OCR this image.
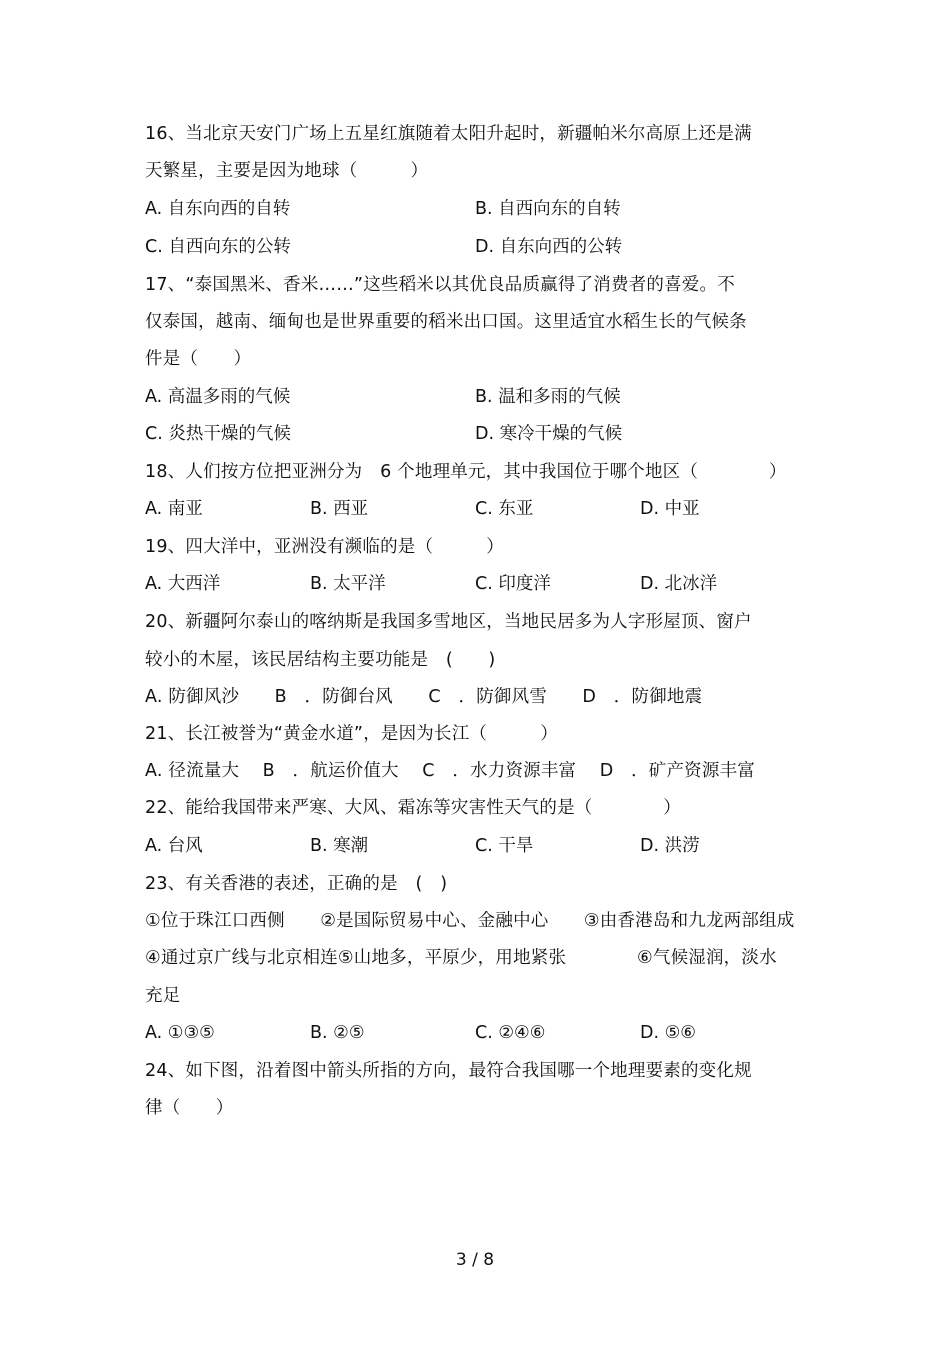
16、当北京天安门广场上五星红旗随着太阳升起时，新疆帕米尔高原上还是满
天繁星，主要是因为地球（　　　）
A. 自东向西的自转	B. 自西向东的自转
C. 自西向东的公转	D. 自东向西的公转
17、“泰国黑米、香米……”这些稻米以其优良品质赢得了消费者的喜爱。不
仅泰国，越南、缅甸也是世界重要的稻米出口国。这里适宜水稻生长的气候条
件是（　　）
A. 高温多雨的气候	B. 温和多雨的气候
C. 炎热干燥的气候	D. 寒冷干燥的气候
18、人们按方位把亚洲分为　6 个地理单元，其中我国位于哪个地区（　　　　）
A. 南亚	B. 西亚	C. 东亚	D. 中亚
19、四大洋中，亚洲没有濒临的是（　　　）
A. 大西洋	B. 太平洋	C. 印度洋	D. 北冰洋
20、新疆阿尔泰山的喀纳斯是我国多雪地区，当地民居多为人字形屋顶、窗户
较小的木屋，该民居结构主要功能是　(　　)
A. 防御风沙　　B　．防御台风　　C　．防御风雪　　D　．防御地震
21、长江被誉为“黄金水道”，是因为长江（　　　）
A. 径流量大　 B　．航运价值大　 C　．水力资源丰富　 D　．矿产资源丰富
22、能给我国带来严寒、大风、霜冻等灾害性天气的是（　　　　）
A. 台风	B. 寒潮	C. 干旱	D. 洪涝
23、有关香港的表述，正确的是　(　)
①位于珠江口西侧　　②是国际贸易中心、金融中心　　③由香港岛和九龙两部组成
④通过京广线与北京相连⑤山地多，平原少，用地紧张　　　　⑥气候湿润，淡水
充足
A. ①③⑤	B. ②⑤	C. ②④⑥	D. ⑤⑥
24、如下图，沿着图中箭头所指的方向，最符合我国哪一个地理要素的变化规
律（　　）
3 / 8
